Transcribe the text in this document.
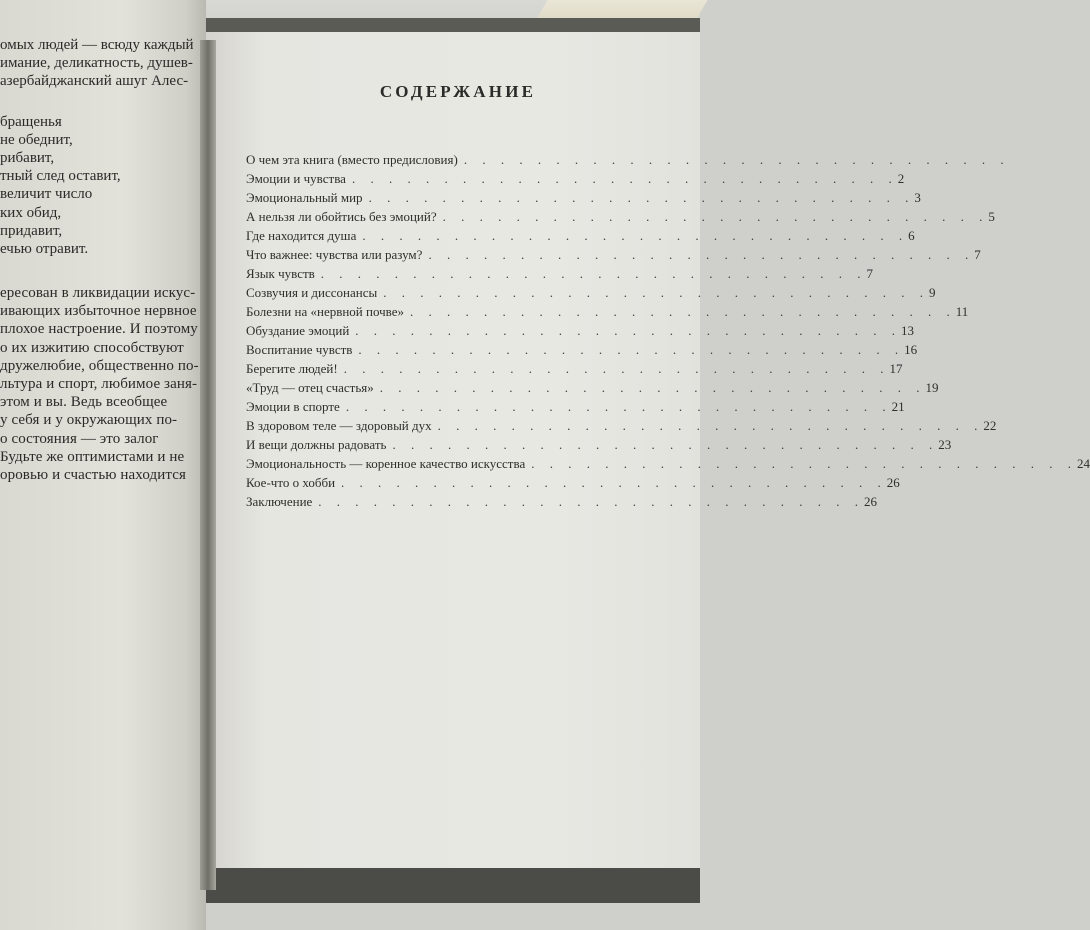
омых людей — всюду каждый
имание, деликатность, душев-
азербайджанский ашуг Алес-
бращенья
не обеднит,
рибавит,
тный след оставит,
величит число
ких обид,
придавит,
ечью отравит.
ересован в ликвидации искус-
ивающих избыточное нервное
плохое настроение. И поэтому
о их изжитию способствуют
дружелюбие, общественно по-
льтура и спорт, любимое заня-
этом и вы. Ведь всеобщее
у себя и у окружающих по-
о состояния — это залог
Будьте же оптимистами и не
оровью и счастью находится
СОДЕРЖАНИЕ
О чем эта книга (вместо предисловия) . . . . . . . . . . . . . . . . . . . . . . . . . . . . . .
Эмоции и чувства . . . . . . . . . . . . . . . . . . . . . . . . . . . . . . 2
Эмоциональный мир . . . . . . . . . . . . . . . . . . . . . . . . . . . . . . 3
А нельзя ли обойтись без эмоций? . . . . . . . . . . . . . . . . . . . . . . . . . . . . . . 5
Где находится душа . . . . . . . . . . . . . . . . . . . . . . . . . . . . . . 6
Что важнее: чувства или разум? . . . . . . . . . . . . . . . . . . . . . . . . . . . . . . 7
Язык чувств . . . . . . . . . . . . . . . . . . . . . . . . . . . . . . 7
Созвучия и диссонансы . . . . . . . . . . . . . . . . . . . . . . . . . . . . . . 9
Болезни на «нервной почве» . . . . . . . . . . . . . . . . . . . . . . . . . . . . . . 11
Обуздание эмоций . . . . . . . . . . . . . . . . . . . . . . . . . . . . . . 13
Воспитание чувств . . . . . . . . . . . . . . . . . . . . . . . . . . . . . . 16
Берегите людей! . . . . . . . . . . . . . . . . . . . . . . . . . . . . . . 17
«Труд — отец счастья» . . . . . . . . . . . . . . . . . . . . . . . . . . . . . . 19
Эмоции в спорте . . . . . . . . . . . . . . . . . . . . . . . . . . . . . . 21
В здоровом теле — здоровый дух . . . . . . . . . . . . . . . . . . . . . . . . . . . . . . 22
И вещи должны радовать . . . . . . . . . . . . . . . . . . . . . . . . . . . . . . 23
Эмоциональность — коренное качество искусства . . . . . . . . . . . . . . . . . . . . . . . . . . . . . . 24
Кое-что о хобби . . . . . . . . . . . . . . . . . . . . . . . . . . . . . . 26
Заключение . . . . . . . . . . . . . . . . . . . . . . . . . . . . . . 26
